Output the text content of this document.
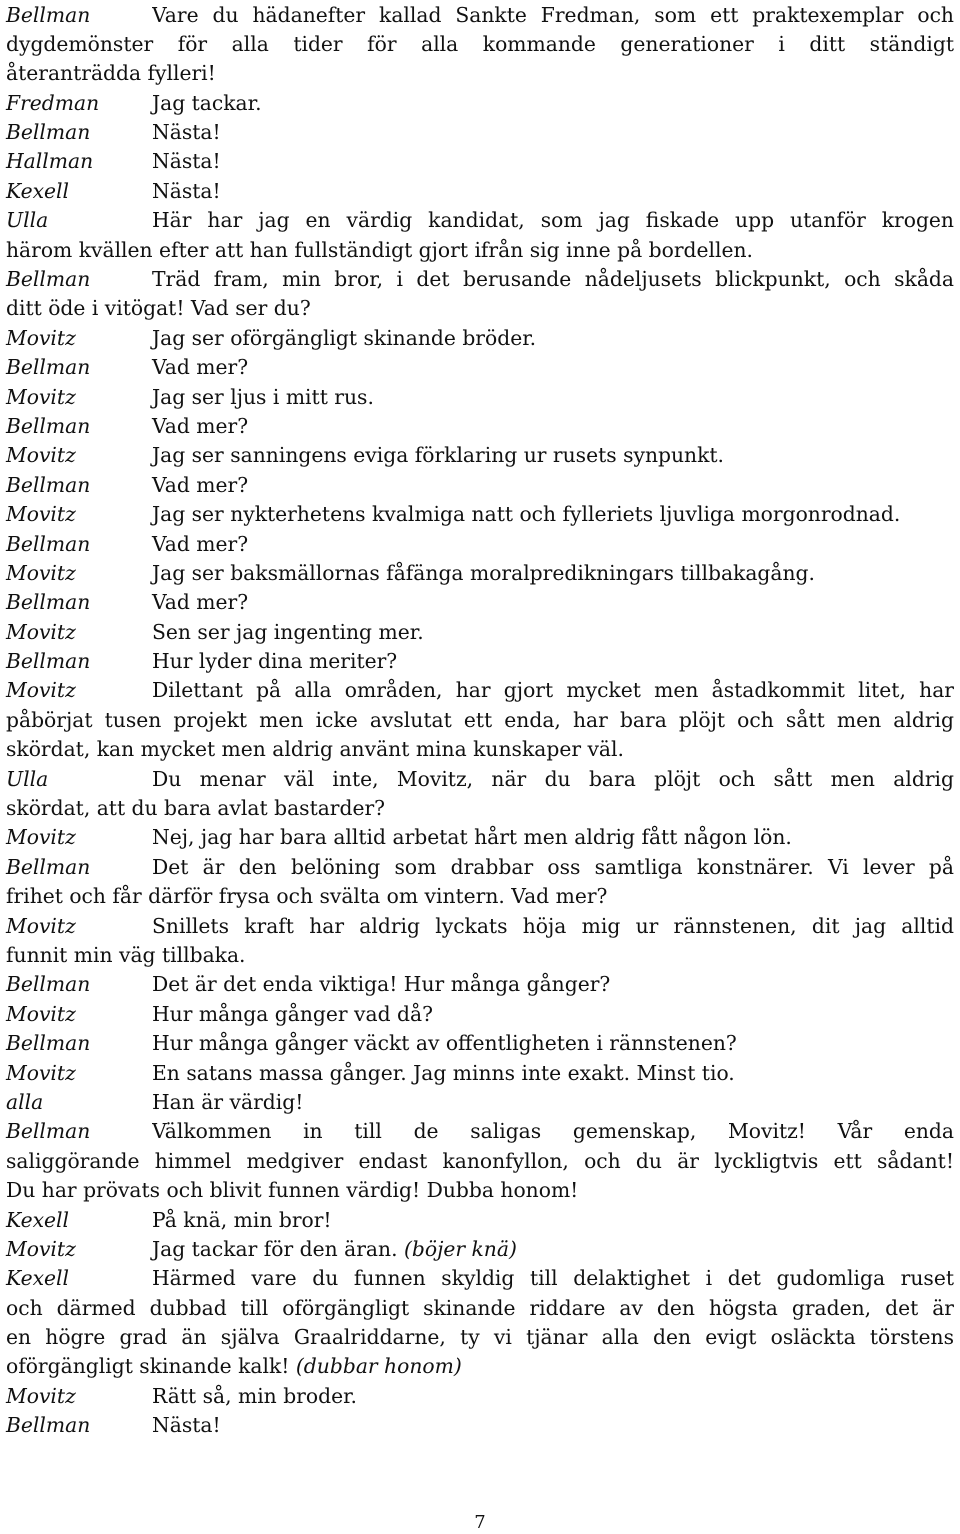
Bellman	Vare du hädanefter kallad Sankte Fredman, som ett praktexemplar och
dygdemönster för alla tider för alla kommande generationer i ditt ständigt
återanträdda fylleri!
Fredman	Jag tackar.
Bellman	Nästa!
Hallman	Nästa!
Kexell	Nästa!
Ulla	Här har jag en värdig kandidat, som jag fiskade upp utanför krogen
härom kvällen efter att han fullständigt gjort ifrån sig inne på bordellen.
Bellman	Träd fram, min bror, i det berusande nådeljusets blickpunkt, och skåda
ditt öde i vitögat! Vad ser du?
Movitz	Jag ser oförgängligt skinande bröder.
Bellman	Vad mer?
Movitz	Jag ser ljus i mitt rus.
Bellman	Vad mer?
Movitz	Jag ser sanningens eviga förklaring ur rusets synpunkt.
Bellman	Vad mer?
Movitz	Jag ser nykterhetens kvalmiga natt och fylleriets ljuvliga morgonrodnad.
Bellman	Vad mer?
Movitz	Jag ser baksmällornas fåfänga moralpredikningars tillbakagång.
Bellman	Vad mer?
Movitz	Sen ser jag ingenting mer.
Bellman	Hur lyder dina meriter?
Movitz	Dilettant på alla områden, har gjort mycket men åstadkommit litet, har
påbörjat tusen projekt men icke avslutat ett enda, har bara plöjt och sått men aldrig
skördat, kan mycket men aldrig använt mina kunskaper väl.
Ulla	Du menar väl inte, Movitz, när du bara plöjt och sått men aldrig
skördat, att du bara avlat bastarder?
Movitz	Nej, jag har bara alltid arbetat hårt men aldrig fått någon lön.
Bellman	Det är den belöning som drabbar oss samtliga konstnärer. Vi lever på
frihet och får därför frysa och svälta om vintern. Vad mer?
Movitz	Snillets kraft har aldrig lyckats höja mig ur rännstenen, dit jag alltid
funnit min väg tillbaka.
Bellman	Det är det enda viktiga! Hur många gånger?
Movitz	Hur många gånger vad då?
Bellman	Hur många gånger väckt av offentligheten i rännstenen?
Movitz	En satans massa gånger. Jag minns inte exakt. Minst tio.
alla	Han är värdig!
Bellman	Välkommen in till de saligas gemenskap, Movitz! Vår enda
saliggörande himmel medgiver endast kanonfyllon, och du är lyckligtvis ett sådant!
Du har prövats och blivit funnen värdig! Dubba honom!
Kexell	På knä, min bror!
Movitz	Jag tackar för den äran. (böjer knä)
Kexell	Härmed vare du funnen skyldig till delaktighet i det gudomliga ruset
och därmed dubbad till oförgängligt skinande riddare av den högsta graden, det är
en högre grad än själva Graalriddarne, ty vi tjänar alla den evigt osläckta törstens
oförgängligt skinande kalk! (dubbar honom)
Movitz	Rätt så, min broder.
Bellman	Nästa!
7
